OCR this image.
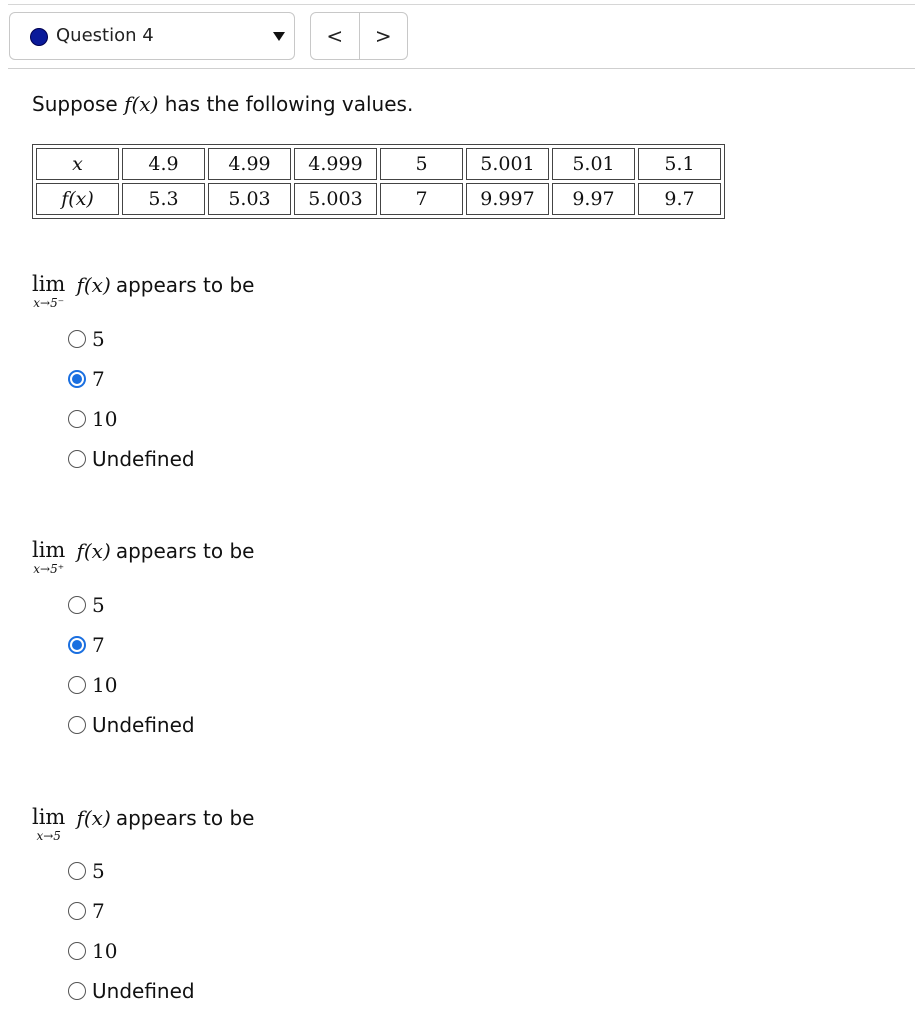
Question 4	<	>
Suppose f(x) has the following values.
x	4.9	4.99	4.999	5	5.001	5.01	5.1
f(x)	5.3	5.03	5.003	7	9.997	9.97	9.7
lim
x→5⁻
f(x) appears to be
5
7
10
Undefined
lim
x→5⁺
f(x) appears to be
5
7
10
Undefined
lim
x→5
f(x) appears to be
5
7
10
Undefined
